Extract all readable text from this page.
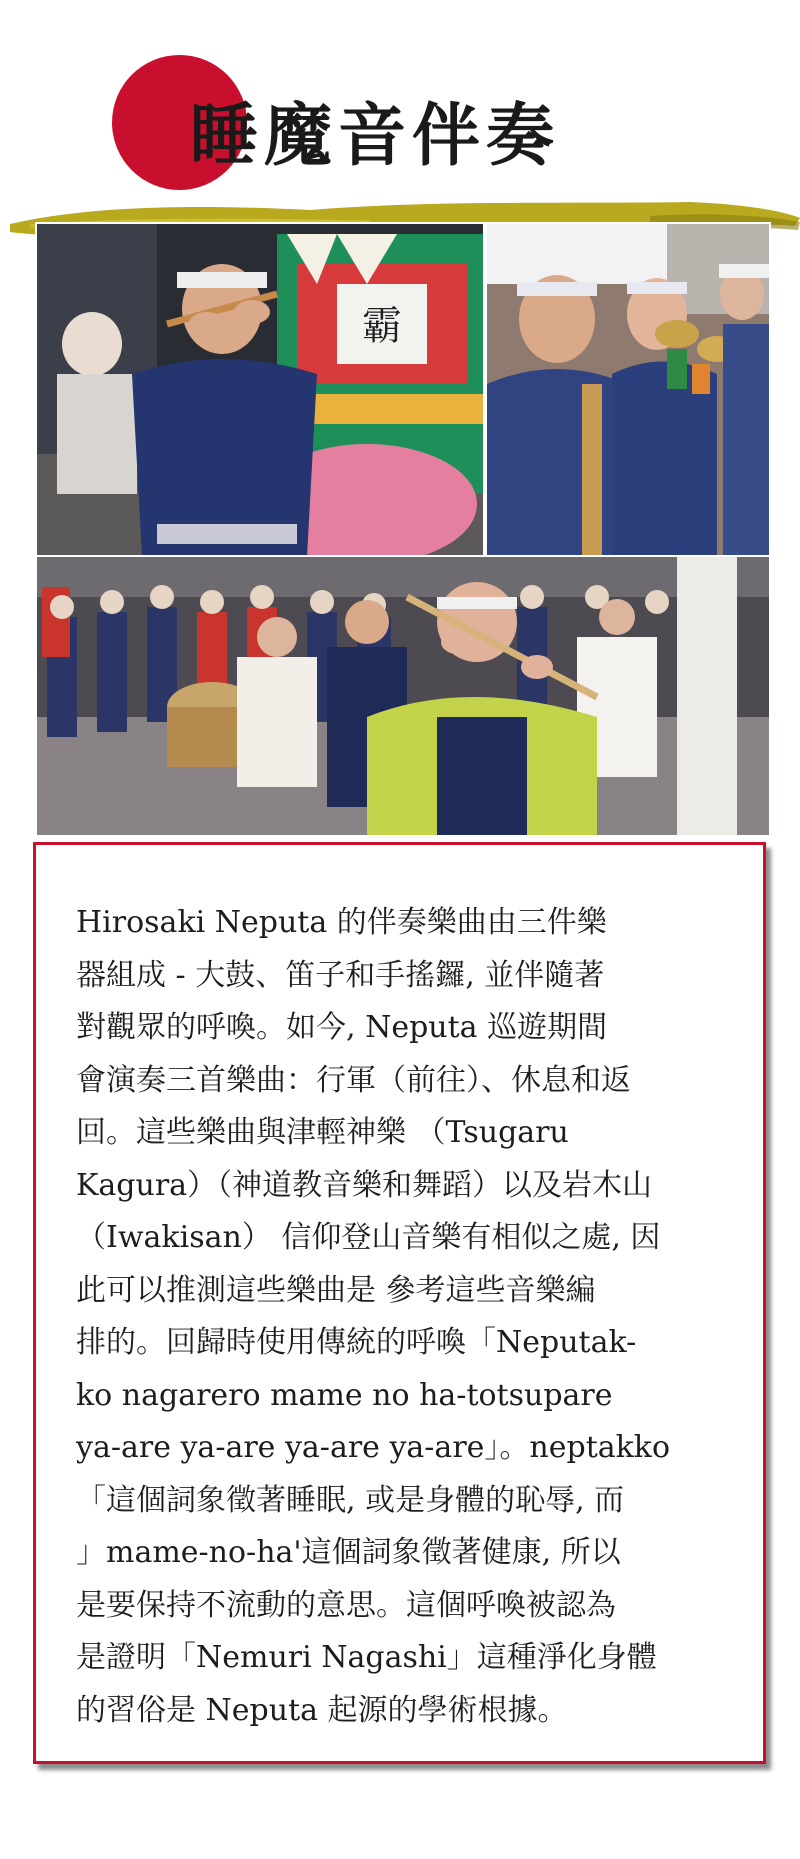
睡魔音伴奏
霸

Hirosaki Neputa 的伴奏樂曲由三件樂
器組成 - 大鼓、笛子和手搖鑼, 並伴隨著
對觀眾的呼喚。如今, Neputa 巡遊期間
會演奏三首樂曲：行軍（前往）、休息和返
回。這些樂曲與津輕神樂 （Tsugaru
Kagura）（神道教音樂和舞蹈）以及岩木山
（Iwakisan） 信仰登山音樂有相似之處, 因
此可以推測這些樂曲是 參考這些音樂編
排的。回歸時使用傳統的呼喚「Neputak-
ko nagarero mame no ha-totsupare
ya-are ya-are ya-are ya-are」。neptakko
「這個詞象徵著睡眠, 或是身體的恥辱, 而
」mame-no-ha'這個詞象徵著健康, 所以
是要保持不流動的意思。這個呼喚被認為
是證明「Nemuri Nagashi」這種淨化身體
的習俗是 Neputa 起源的學術根據。
